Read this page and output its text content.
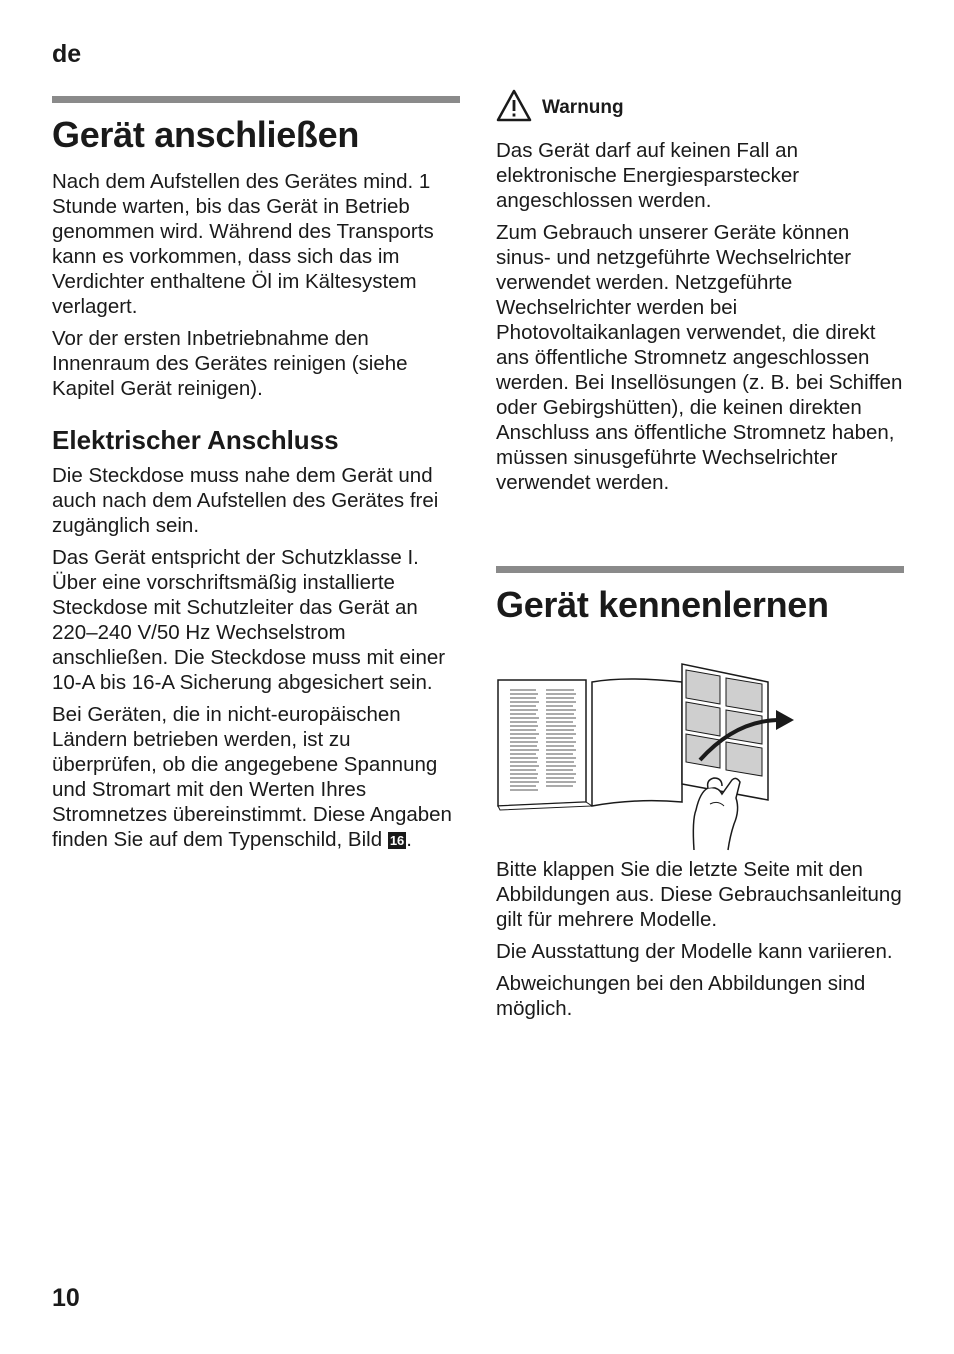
de
Gerät anschließen

Nach dem Aufstellen des Gerätes mind. 1 Stunde warten, bis das Gerät in Betrieb genommen wird. Während des Transports kann es vorkommen, dass sich das im Verdichter enthaltene Öl im Kältesystem verlagert.

Vor der ersten Inbetriebnahme den Innenraum des Gerätes reinigen (siehe Kapitel Gerät reinigen).

Elektrischer Anschluss

Die Steckdose muss nahe dem Gerät und auch nach dem Aufstellen des Gerätes frei zugänglich sein.

Das Gerät entspricht der Schutzklasse I. Über eine vorschriftsmäßig installierte Steckdose mit Schutzleiter das Gerät an 220–240 V/50 Hz Wechselstrom anschließen. Die Steckdose muss mit einer 10-A bis 16-A Sicherung abgesichert sein.

Bei Geräten, die in nicht-europäischen Ländern betrieben werden, ist zu überprüfen, ob die angegebene Spannung und Stromart mit den Werten Ihres Stromnetzes übereinstimmt. Diese Angaben finden Sie auf dem Typenschild, Bild 16.

Warnung

Das Gerät darf auf keinen Fall an elektronische Energiesparstecker angeschlossen werden.

Zum Gebrauch unserer Geräte können sinus- und netzgeführte Wechselrichter verwendet werden. Netzgeführte Wechselrichter werden bei Photovoltaikanlagen verwendet, die direkt ans öffentliche Stromnetz angeschlossen werden. Bei Insellösungen (z. B. bei Schiffen oder Gebirgshütten), die keinen direkten Anschluss ans öffentliche Stromnetz haben, müssen sinusgeführte Wechselrichter verwendet werden.

Gerät kennenlernen

Bitte klappen Sie die letzte Seite mit den Abbildungen aus. Diese Gebrauchsanleitung gilt für mehrere Modelle.

Die Ausstattung der Modelle kann variieren.

Abweichungen bei den Abbildungen sind möglich.

10
